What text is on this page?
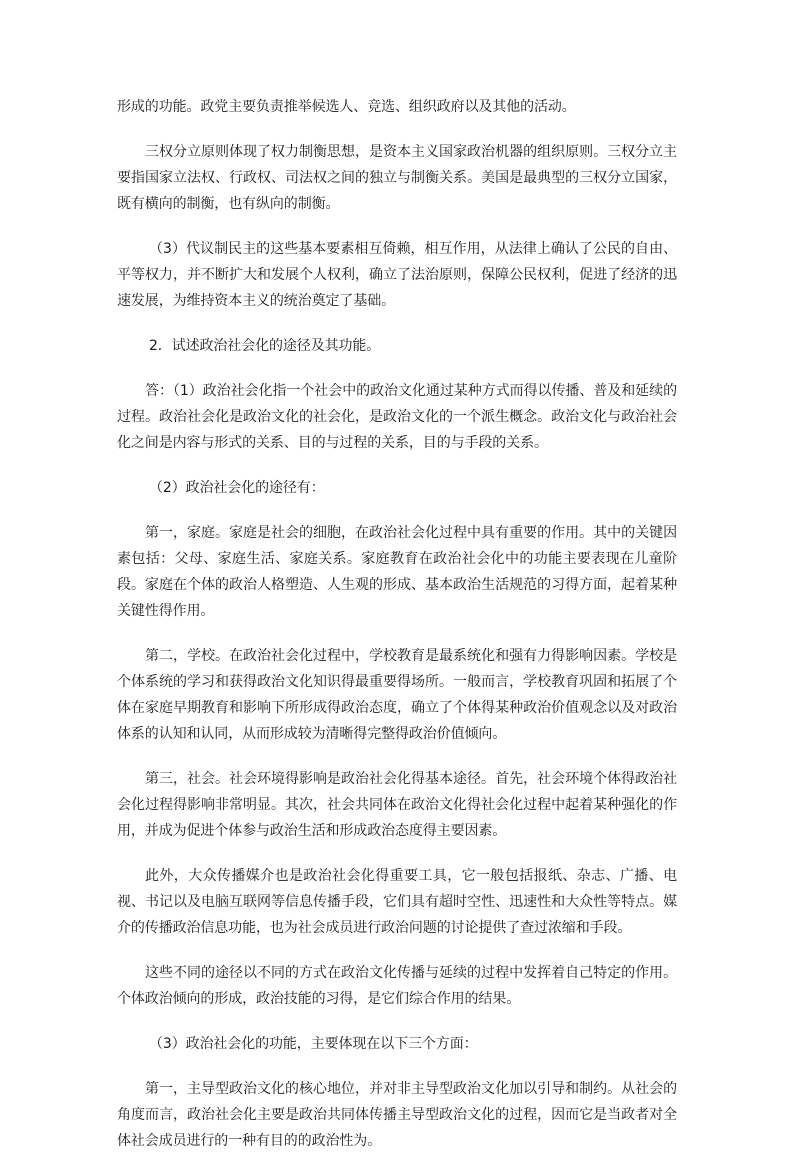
形成的功能。政党主要负责推举候选人、竞选、组织政府以及其他的活动。

三权分立原则体现了权力制衡思想，是资本主义国家政治机器的组织原则。三权分立主要指国家立法权、行政权、司法权之间的独立与制衡关系。美国是最典型的三权分立国家，既有横向的制衡，也有纵向的制衡。

（3）代议制民主的这些基本要素相互倚赖，相互作用，从法律上确认了公民的自由、平等权力，并不断扩大和发展个人权利，确立了法治原则，保障公民权利，促进了经济的迅速发展，为维持资本主义的统治奠定了基础。

2．试述政治社会化的途径及其功能。

答：（1）政治社会化指一个社会中的政治文化通过某种方式而得以传播、普及和延续的过程。政治社会化是政治文化的社会化，是政治文化的一个派生概念。政治文化与政治社会化之间是内容与形式的关系、目的与过程的关系，目的与手段的关系。

（2）政治社会化的途径有：

第一，家庭。家庭是社会的细胞，在政治社会化过程中具有重要的作用。其中的关键因素包括：父母、家庭生活、家庭关系。家庭教育在政治社会化中的功能主要表现在儿童阶段。家庭在个体的政治人格塑造、人生观的形成、基本政治生活规范的习得方面，起着某种关键性得作用。

第二，学校。在政治社会化过程中，学校教育是最系统化和强有力得影响因素。学校是个体系统的学习和获得政治文化知识得最重要得场所。一般而言，学校教育巩固和拓展了个体在家庭早期教育和影响下所形成得政治态度，确立了个体得某种政治价值观念以及对政治体系的认知和认同，从而形成较为清晰得完整得政治价值倾向。

第三，社会。社会环境得影响是政治社会化得基本途径。首先，社会环境个体得政治社会化过程得影响非常明显。其次，社会共同体在政治文化得社会化过程中起着某种强化的作用，并成为促进个体参与政治生活和形成政治态度得主要因素。

此外，大众传播媒介也是政治社会化得重要工具，它一般包括报纸、杂志、广播、电视、书记以及电脑互联网等信息传播手段，它们具有超时空性、迅速性和大众性等特点。媒介的传播政治信息功能，也为社会成员进行政治问题的讨论提供了查过浓缩和手段。

这些不同的途径以不同的方式在政治文化传播与延续的过程中发挥着自己特定的作用。个体政治倾向的形成，政治技能的习得，是它们综合作用的结果。

（3）政治社会化的功能，主要体现在以下三个方面：

第一，主导型政治文化的核心地位，并对非主导型政治文化加以引导和制约。从社会的角度而言，政治社会化主要是政治共同体传播主导型政治文化的过程，因而它是当政者对全体社会成员进行的一种有目的的政治性为。
